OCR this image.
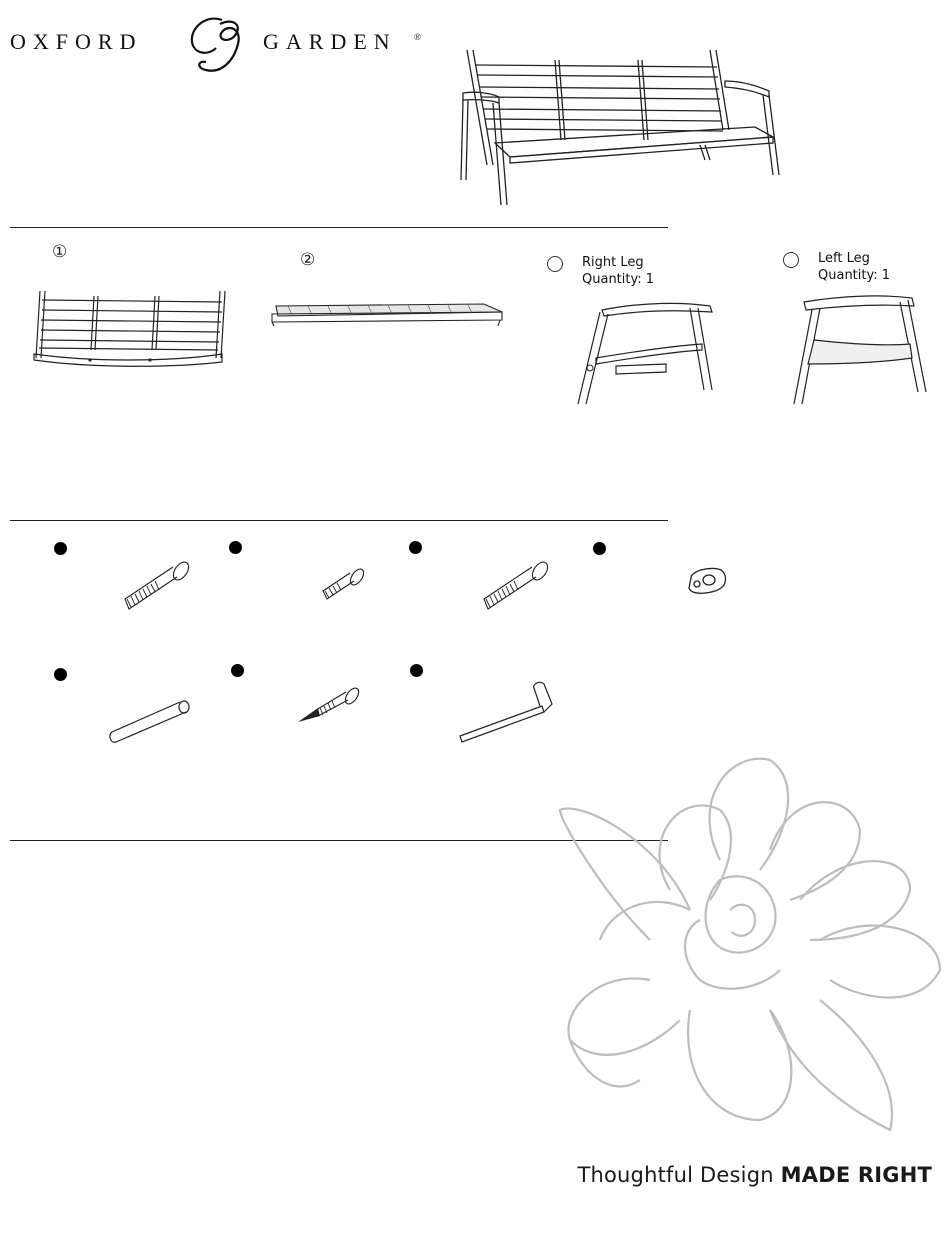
OXFORD	GARDEN ®
①	②	Right Leg
Quantity: 1
Left Leg
Quantity: 1
Thoughtful Design MADE RIGHT
